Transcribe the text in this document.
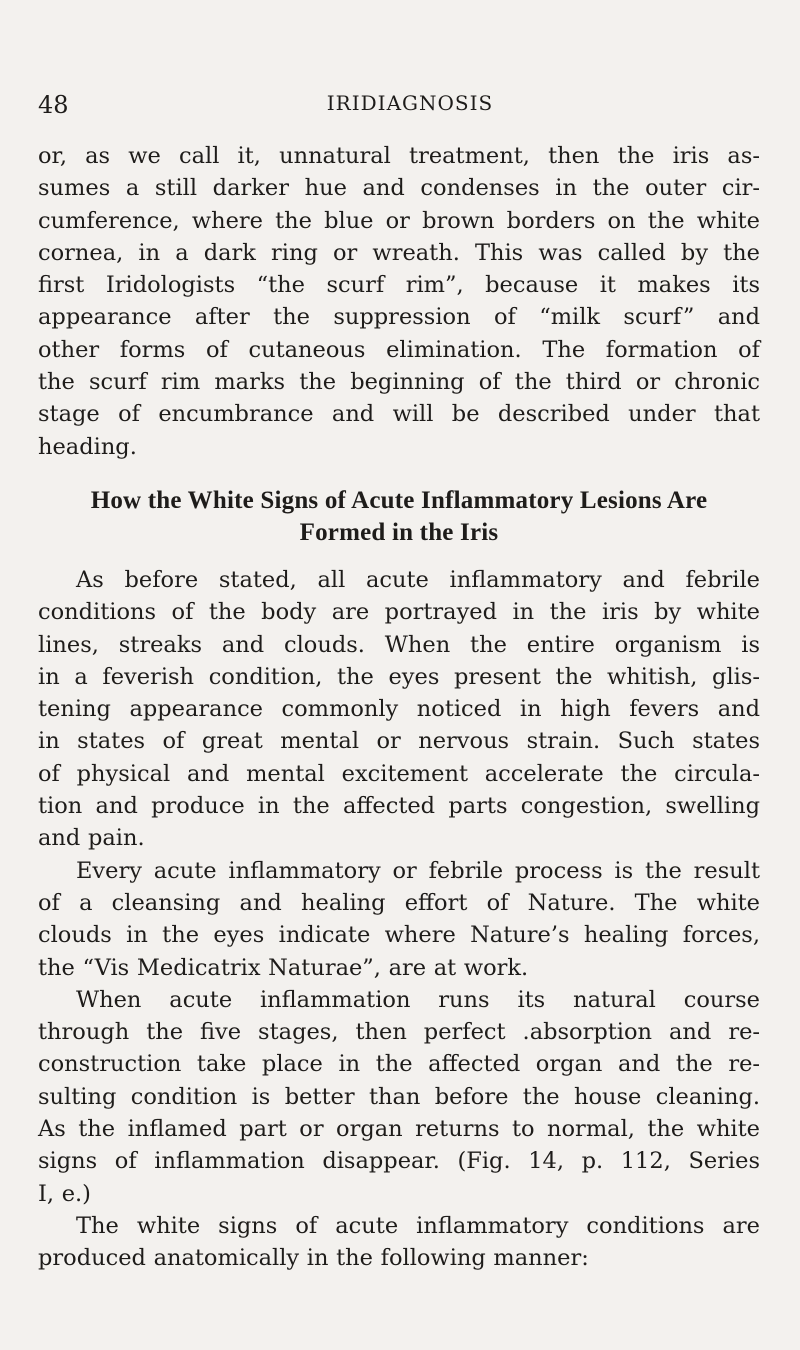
48	IRIDIAGNOSIS
or, as we call it, unnatural treatment, then the iris as-
sumes a still darker hue and condenses in the outer cir-
cumference, where the blue or brown borders on the white
cornea, in a dark ring or wreath. This was called by the
first Iridologists “the scurf rim”, because it makes its
appearance after the suppression of “milk scurf” and
other forms of cutaneous elimination. The formation of
the scurf rim marks the beginning of the third or chronic
stage of encumbrance and will be described under that
heading.
How the White Signs of Acute Inflammatory Lesions Are
Formed in the Iris
As before stated, all acute inflammatory and febrile
conditions of the body are portrayed in the iris by white
lines, streaks and clouds. When the entire organism is
in a feverish condition, the eyes present the whitish, glis-
tening appearance commonly noticed in high fevers and
in states of great mental or nervous strain. Such states
of physical and mental excitement accelerate the circula-
tion and produce in the affected parts congestion, swelling
and pain.
Every acute inflammatory or febrile process is the result
of a cleansing and healing effort of Nature. The white
clouds in the eyes indicate where Nature’s healing forces,
the “Vis Medicatrix Naturae”, are at work.
When acute inflammation runs its natural course
through the five stages, then perfect .absorption and re-
construction take place in the affected organ and the re-
sulting condition is better than before the house cleaning.
As the inflamed part or organ returns to normal, the white
signs of inflammation disappear. (Fig. 14, p. 112, Series
I, e.)
The white signs of acute inflammatory conditions are
produced anatomically in the following manner:
